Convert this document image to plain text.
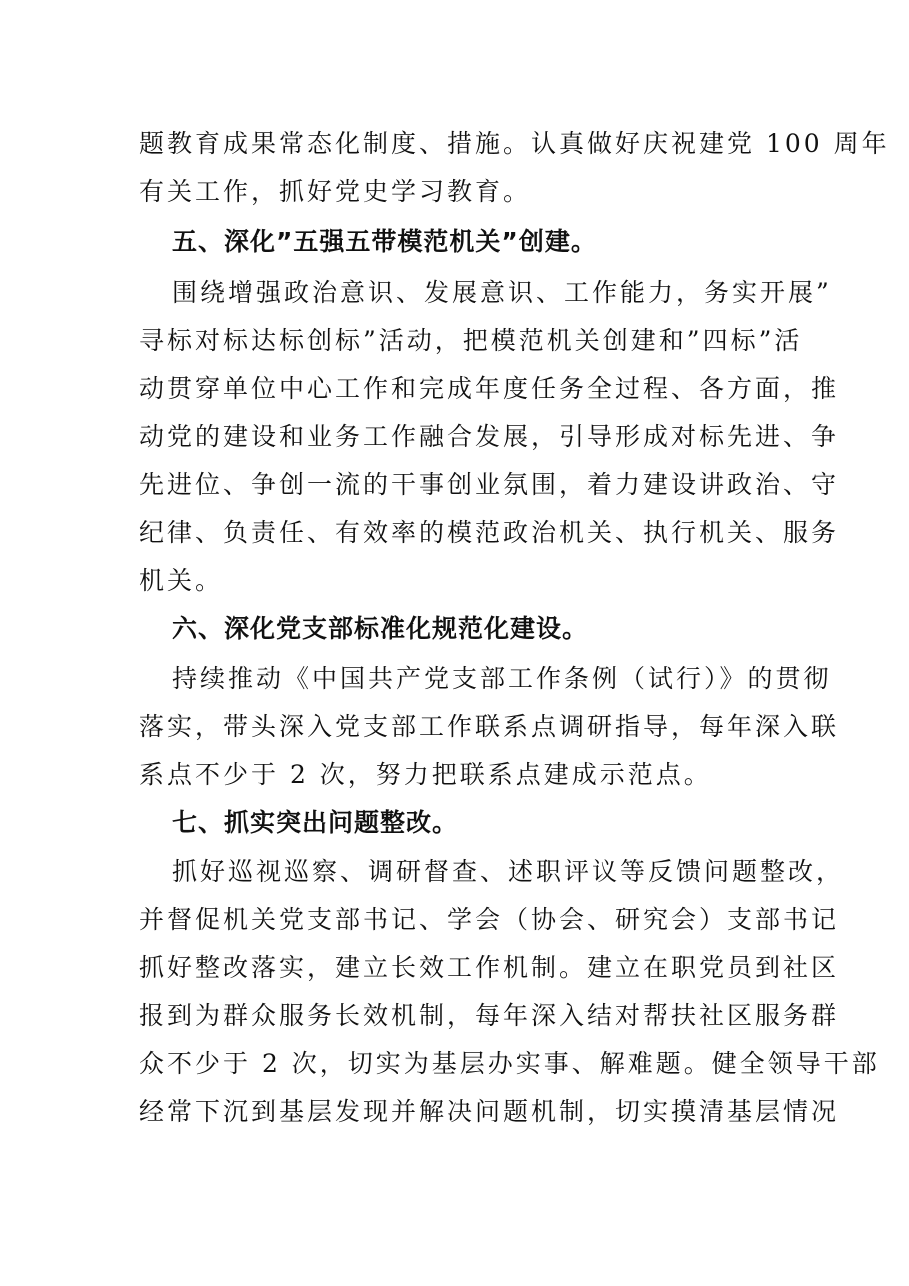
题教育成果常态化制度、措施。认真做好庆祝建党 100 周年
有关工作，抓好党史学习教育。
五、深化”五强五带模范机关”创建。
围绕增强政治意识、发展意识、工作能力，务实开展”
寻标对标达标创标”活动，把模范机关创建和”四标”活
动贯穿单位中心工作和完成年度任务全过程、各方面，推
动党的建设和业务工作融合发展，引导形成对标先进、争
先进位、争创一流的干事创业氛围，着力建设讲政治、守
纪律、负责任、有效率的模范政治机关、执行机关、服务
机关。
六、深化党支部标准化规范化建设。
持续推动《中国共产党支部工作条例（试行）》的贯彻
落实，带头深入党支部工作联系点调研指导，每年深入联
系点不少于 2 次，努力把联系点建成示范点。
七、抓实突出问题整改。
抓好巡视巡察、调研督查、述职评议等反馈问题整改，
并督促机关党支部书记、学会（协会、研究会）支部书记
抓好整改落实，建立长效工作机制。建立在职党员到社区
报到为群众服务长效机制，每年深入结对帮扶社区服务群
众不少于 2 次，切实为基层办实事、解难题。健全领导干部
经常下沉到基层发现并解决问题机制，切实摸清基层情况
